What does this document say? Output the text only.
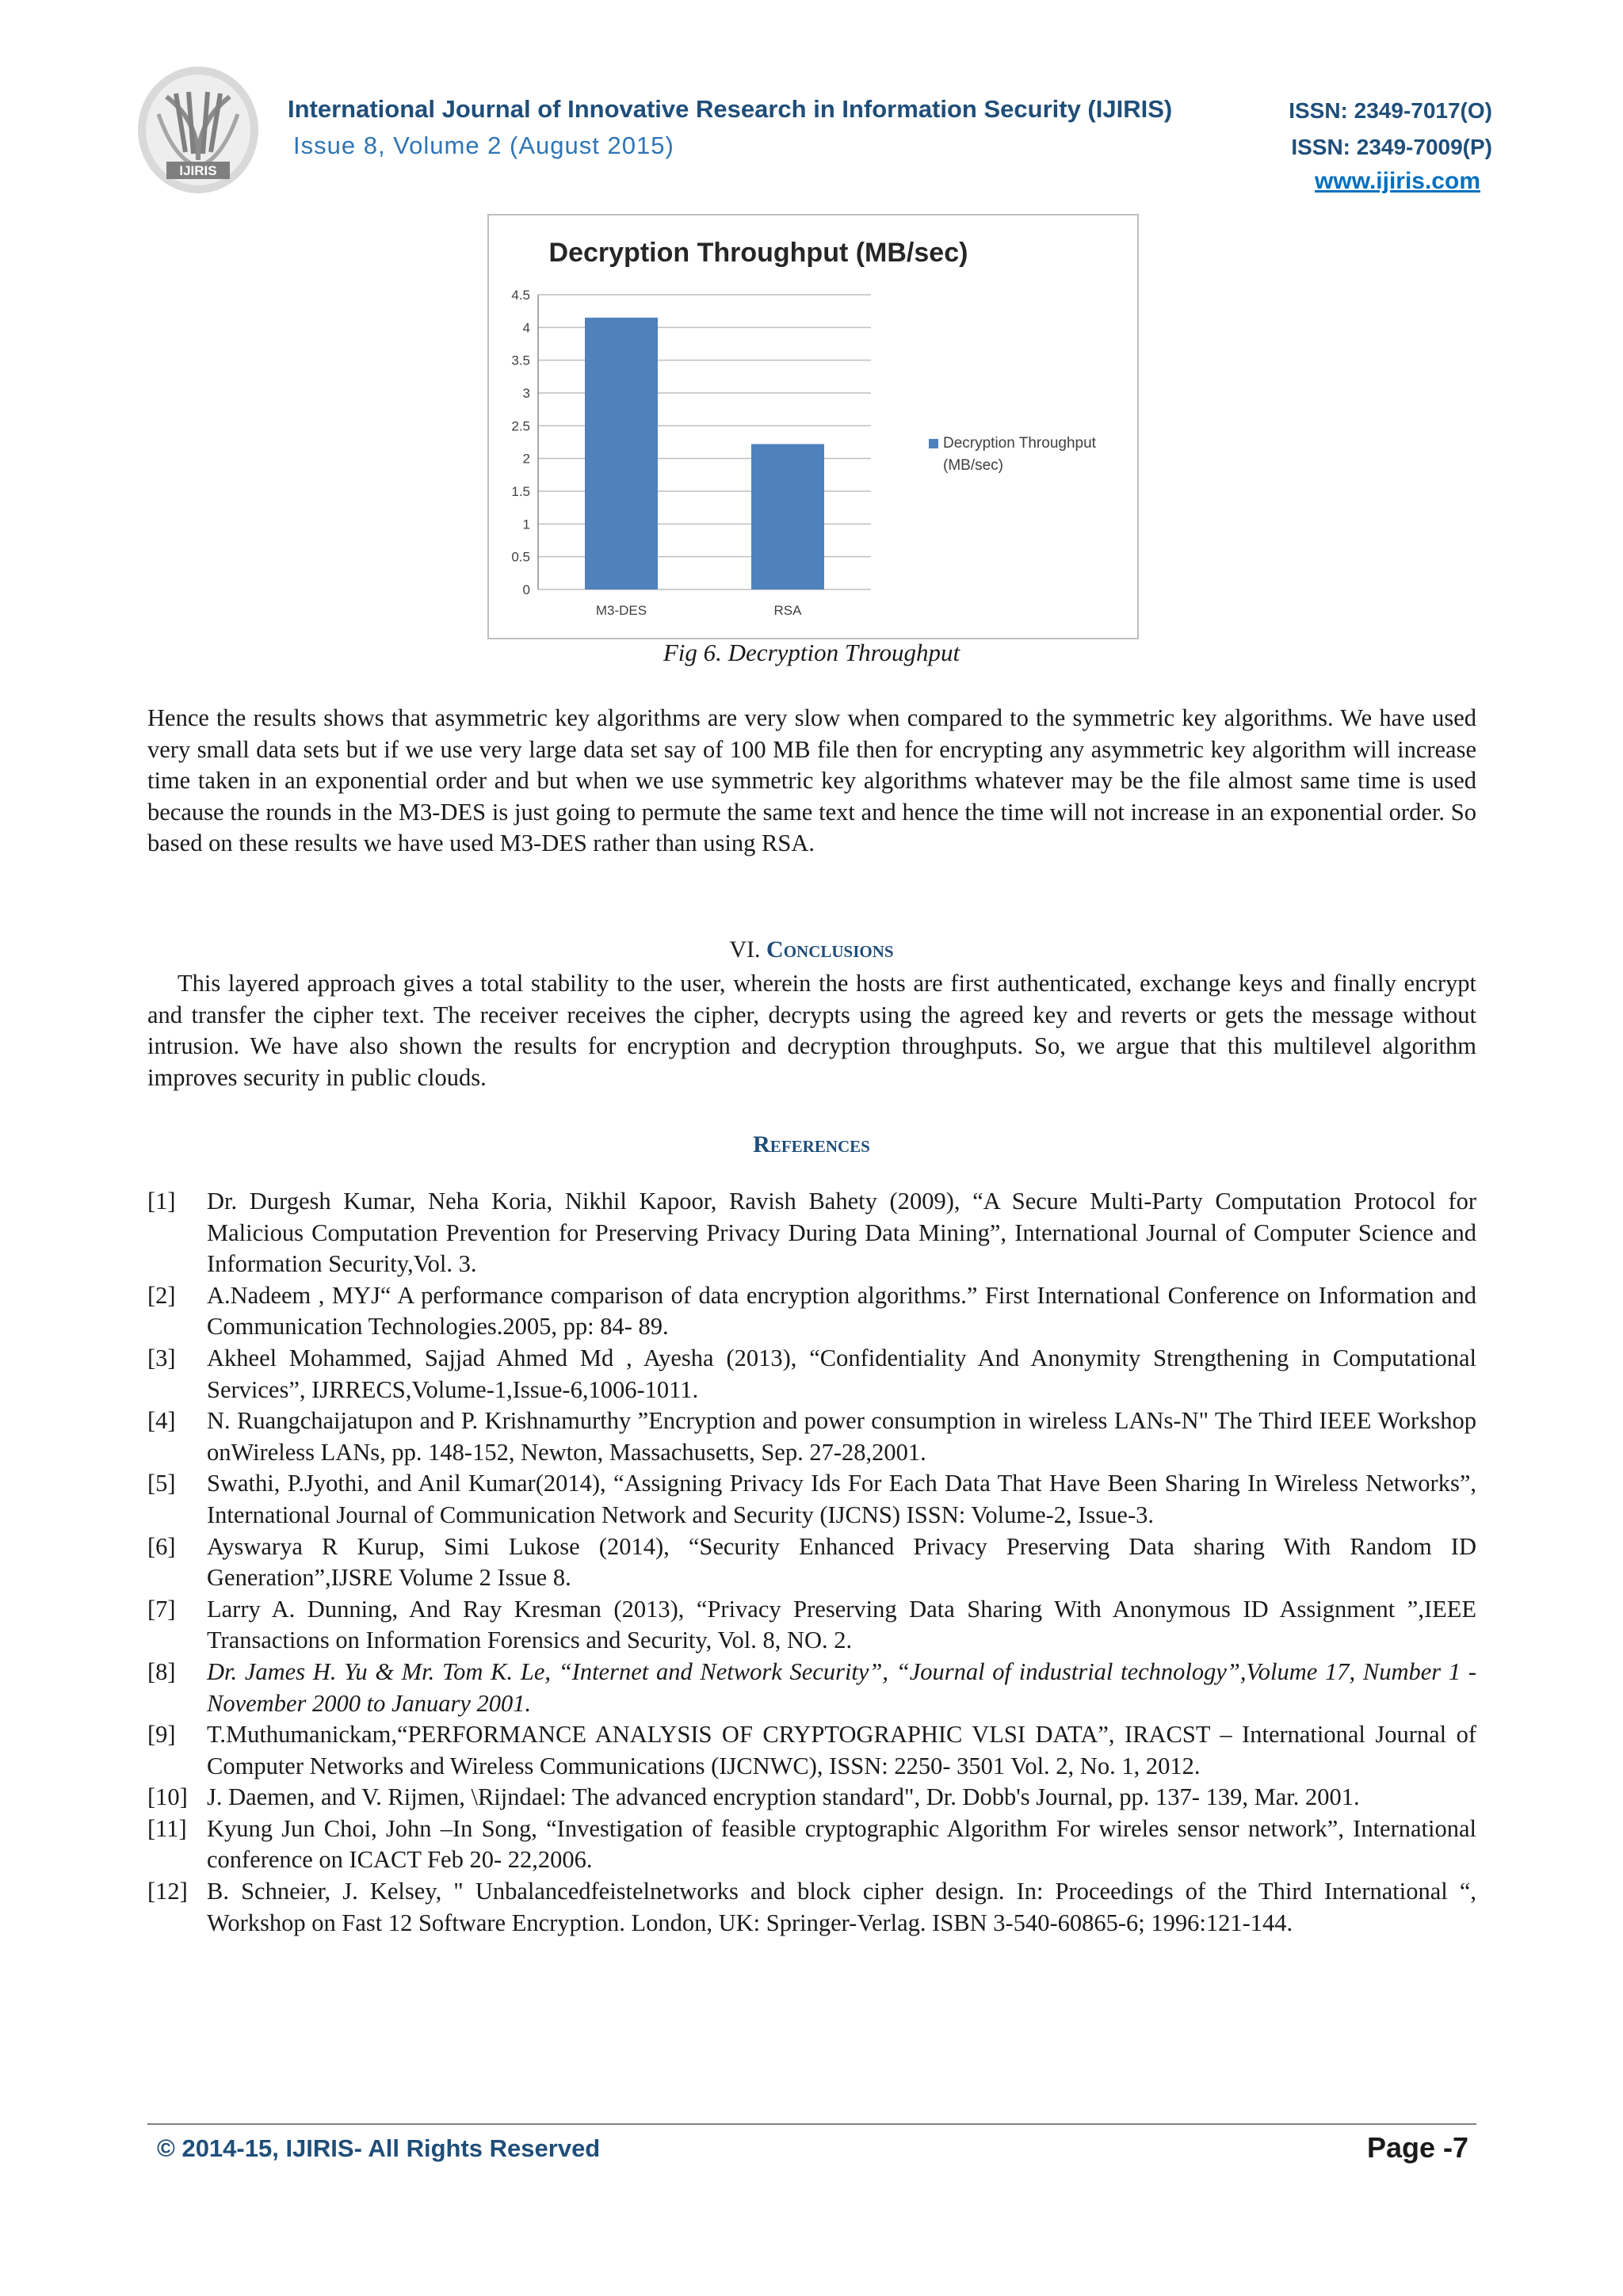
IJIRIS
International Journal of Innovative Research in Information Security (IJIRIS)
Issue 8, Volume 2 (August 2015)
ISSN: 2349-7017(O)
ISSN: 2349-7009(P)
www.ijiris.com
Decryption Throughput (MB/sec)
0
0.5
1
1.5
2
2.5
3
3.5
4
4.5
M3-DES	RSA
Decryption Throughput
(MB/sec)
Fig 6. Decryption Throughput
Hence the results shows that asymmetric key algorithms are very slow when compared to the symmetric key algorithms. We have used very small data sets but if we use very large data set say of 100 MB file then for encrypting any asymmetric key algorithm will increase time taken in an exponential order and but when we use symmetric key algorithms whatever may be the file almost same time is used because the rounds in the M3-DES is just going to permute the same text and hence the time will not increase in an exponential order. So based on these results we have used M3-DES rather than using RSA.
VI. Conclusions
This layered approach gives a total stability to the user, wherein the hosts are first authenticated, exchange keys and finally encrypt and transfer the cipher text. The receiver receives the cipher, decrypts using the agreed key and reverts or gets the message without intrusion. We have also shown the results for encryption and decryption throughputs. So, we argue that this multilevel algorithm improves security in public clouds.
References
[1]	Dr. Durgesh Kumar, Neha Koria, Nikhil Kapoor, Ravish Bahety (2009), “A Secure Multi-Party Computation Protocol for Malicious Computation Prevention for Preserving Privacy During Data Mining”, International Journal of Computer Science and Information Security,Vol. 3.
[2]	A.Nadeem , MYJ“ A performance comparison of data encryption algorithms.” First International Conference on Information and Communication Technologies.2005, pp: 84- 89.
[3]	Akheel Mohammed, Sajjad Ahmed Md , Ayesha (2013), “Confidentiality And Anonymity Strengthening in Computational Services”, IJRRECS,Volume-1,Issue-6,1006-1011.
[4]	N. Ruangchaijatupon and P. Krishnamurthy ”Encryption and power consumption in wireless LANs-N" The Third IEEE Workshop onWireless LANs, pp. 148-152, Newton, Massachusetts, Sep. 27-28,2001.
[5]	Swathi, P.Jyothi, and Anil Kumar(2014), “Assigning Privacy Ids For Each Data That Have Been Sharing In Wireless Networks”, International Journal of Communication Network and Security (IJCNS) ISSN: Volume-2, Issue-3.
[6]	Ayswarya R Kurup, Simi Lukose (2014), “Security Enhanced Privacy Preserving Data sharing With Random ID Generation”,IJSRE Volume 2 Issue 8.
[7]	Larry A. Dunning, And Ray Kresman (2013), “Privacy Preserving Data Sharing With Anonymous ID Assignment ”,IEEE Transactions on Information Forensics and Security, Vol. 8, NO. 2.
[8]	Dr. James H. Yu & Mr. Tom K. Le, “Internet and Network Security”, “Journal of industrial technology”,Volume 17, Number 1 - November 2000 to January 2001.
[9]	T.Muthumanickam,“PERFORMANCE ANALYSIS OF CRYPTOGRAPHIC VLSI DATA”, IRACST – International Journal of Computer Networks and Wireless Communications (IJCNWC), ISSN: 2250- 3501 Vol. 2, No. 1, 2012.
[10] J. Daemen, and V. Rijmen, \Rijndael: The advanced encryption standard", Dr. Dobb's Journal, pp. 137- 139, Mar. 2001.
[11] Kyung Jun Choi, John –In Song, “Investigation of feasible cryptographic Algorithm For wireles sensor network”, International conference on ICACT Feb 20- 22,2006.
[12] B. Schneier, J. Kelsey, " Unbalancedfeistelnetworks and block cipher design. In: Proceedings of the Third International “, Workshop on Fast 12 Software Encryption. London, UK: Springer-Verlag. ISBN 3-540-60865-6; 1996:121-144.
© 2014-15, IJIRIS- All Rights Reserved	Page -7
